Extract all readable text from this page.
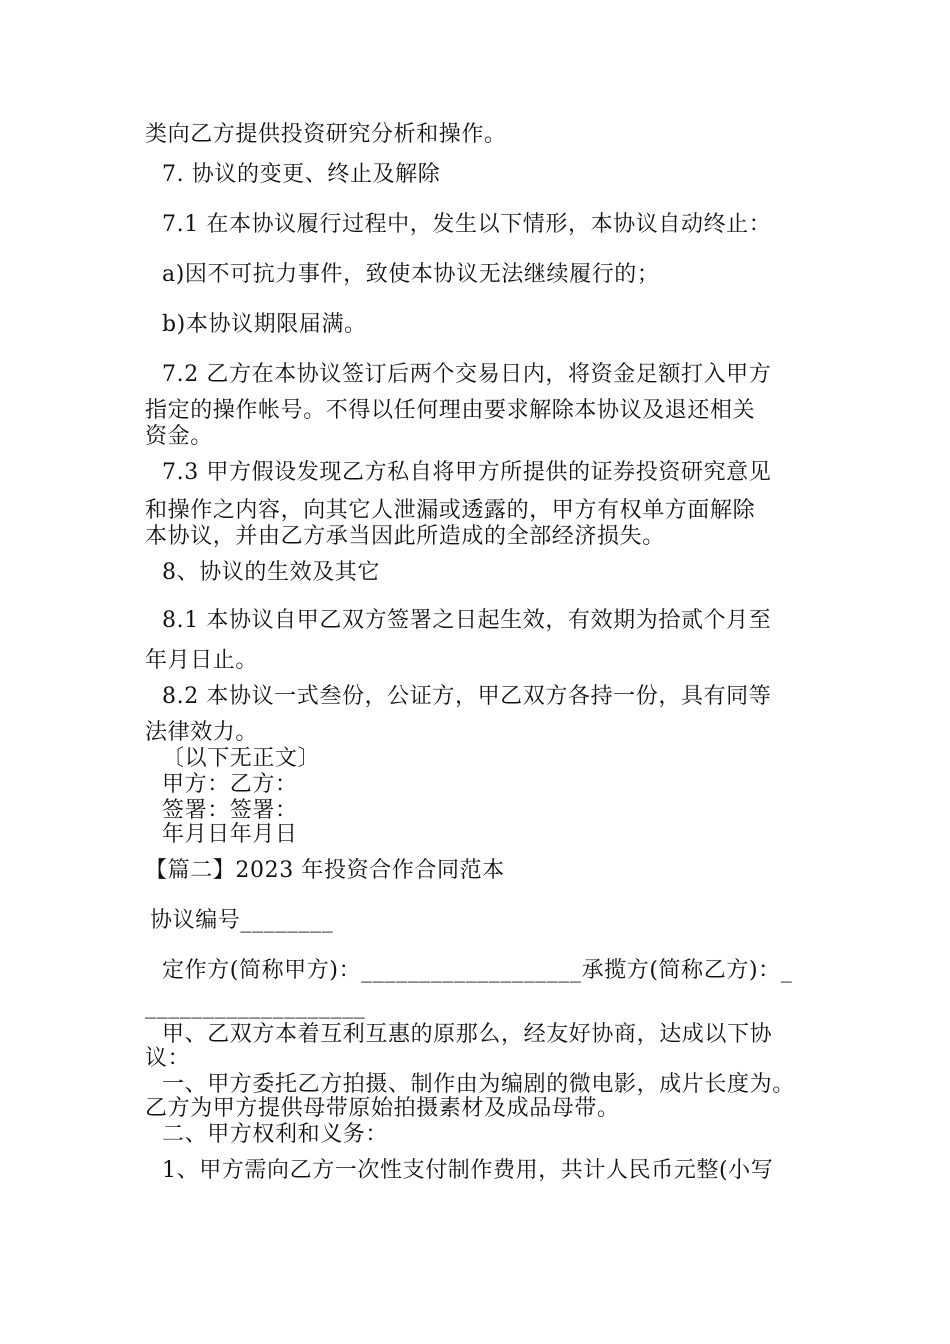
类向乙方提供投资研究分析和操作。
7. 协议的变更、终止及解除
7.1 在本协议履行过程中，发生以下情形，本协议自动终止：
a)因不可抗力事件，致使本协议无法继续履行的；
b)本协议期限届满。
7.2 乙方在本协议签订后两个交易日内，将资金足额打入甲方
指定的操作帐号。不得以任何理由要求解除本协议及退还相关
资金。
7.3 甲方假设发现乙方私自将甲方所提供的证券投资研究意见
和操作之内容，向其它人泄漏或透露的，甲方有权单方面解除
本协议，并由乙方承当因此所造成的全部经济损失。
8、协议的生效及其它
8.1 本协议自甲乙双方签署之日起生效，有效期为拾贰个月至
年月日止。
8.2 本协议一式叁份，公证方，甲乙双方各持一份，具有同等
法律效力。
〔以下无正文〕
甲方：乙方：
签署：签署：
年月日年月日
【篇二】2023 年投资合作合同范本
协议编号________
定作方(简称甲方)：___________________承揽方(简称乙方)：_
___________________
甲、乙双方本着互利互惠的原那么，经友好协商，达成以下协
议：
一、甲方委托乙方拍摄、制作由为编剧的微电影，成片长度为。
乙方为甲方提供母带原始拍摄素材及成品母带。
二、甲方权利和义务：
1、甲方需向乙方一次性支付制作费用，共计人民币元整(小写
